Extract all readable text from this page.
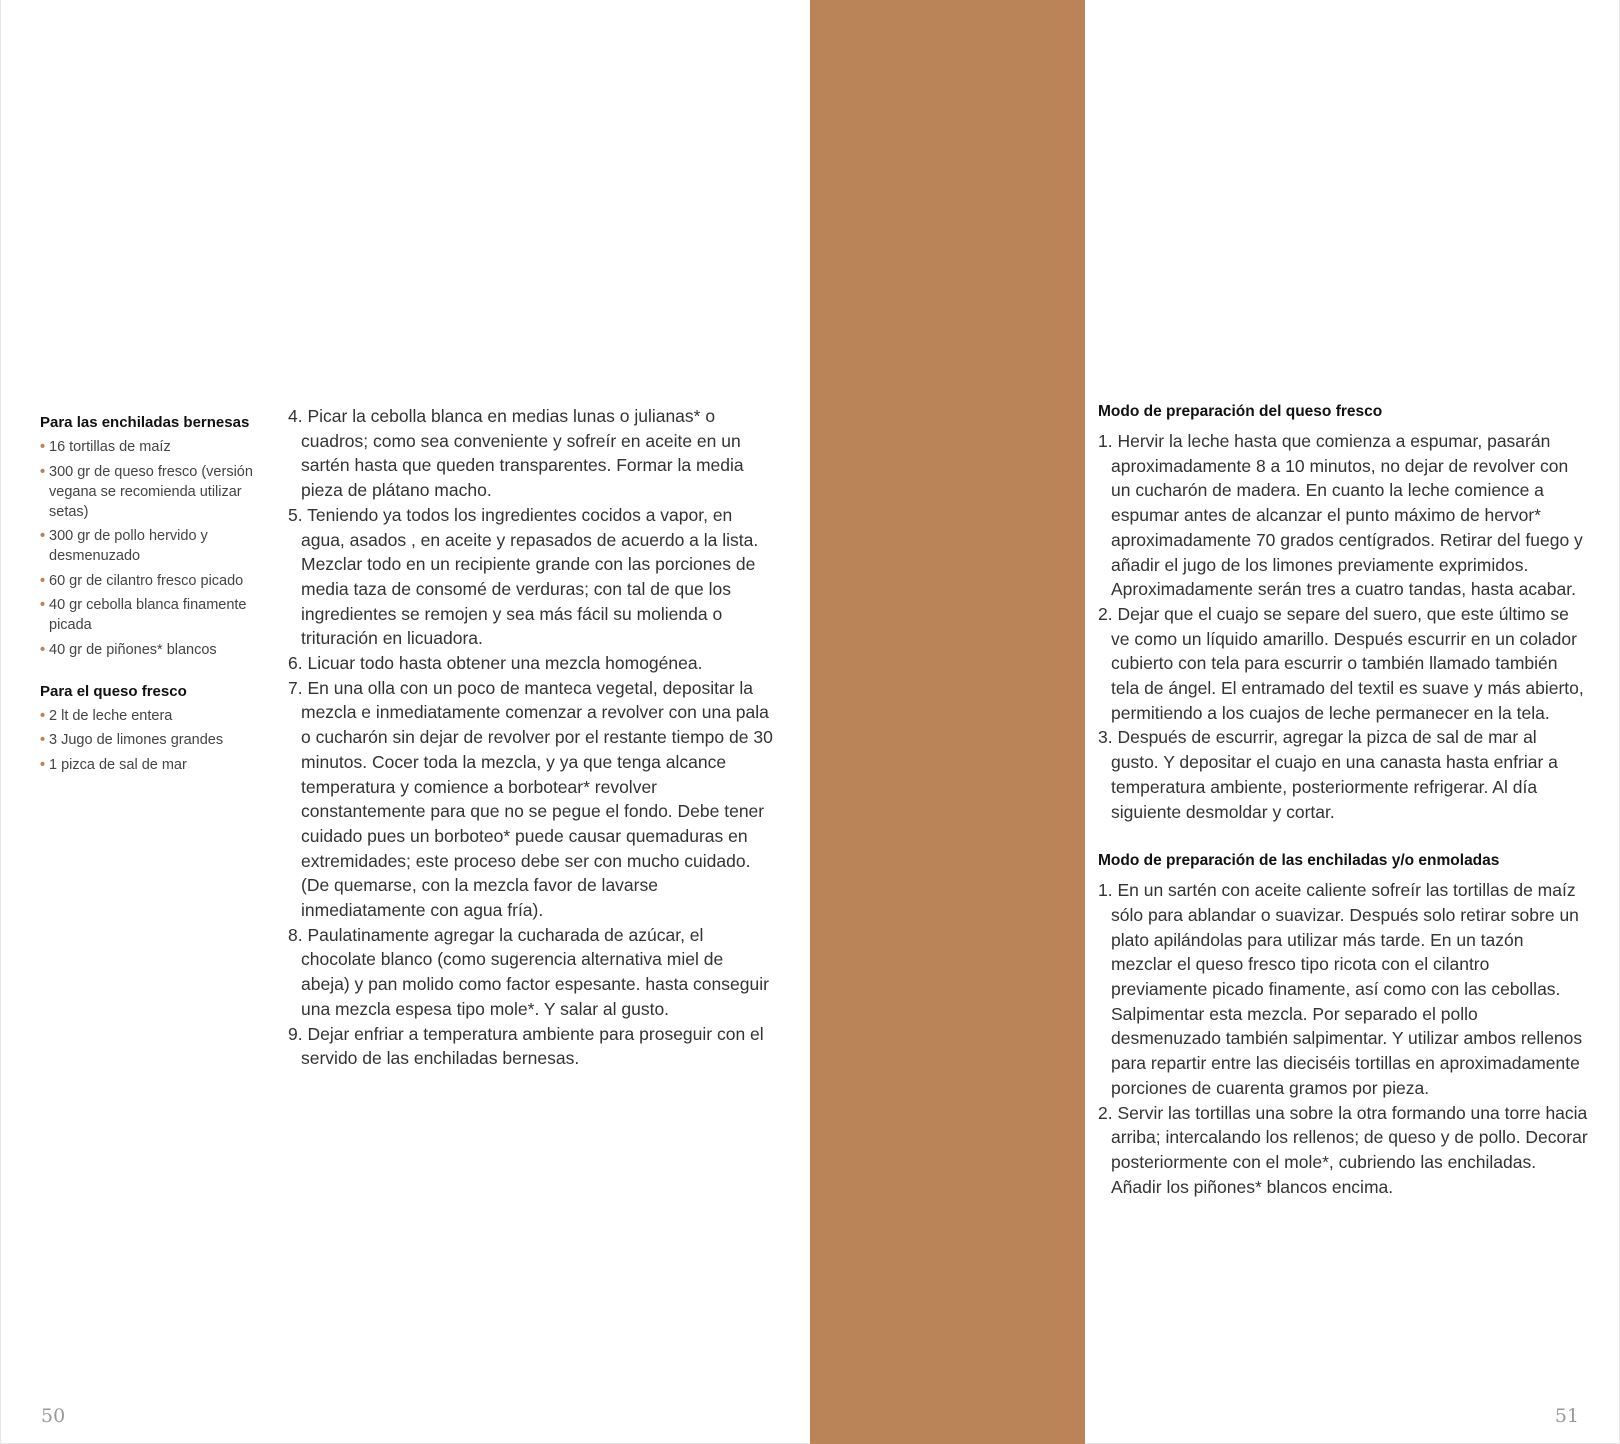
Para las enchiladas bernesas
• 16 tortillas de maíz
• 300 gr de queso fresco (versión vegana se recomienda utilizar setas)
• 300 gr de pollo hervido y desmenuzado
• 60 gr de cilantro fresco picado
• 40 gr cebolla blanca finamente picada
• 40 gr de piñones* blancos
Para el queso fresco
• 2 lt de leche entera
• 3 Jugo de limones grandes
• 1 pizca de sal de mar
4. Picar la cebolla blanca en medias lunas o julianas* o cuadros; como sea conveniente y sofreír en aceite en un sartén hasta que queden transparentes. Formar la media pieza de plátano macho.
5. Teniendo ya todos los ingredientes cocidos a vapor, en agua, asados , en aceite y repasados de acuerdo a la lista. Mezclar todo en un recipiente grande con las porciones de media taza de consomé de verduras; con tal de que los ingredientes se remojen y sea más fácil su molienda o trituración en licuadora.
6. Licuar todo hasta obtener una mezcla homogénea.
7. En una olla con un poco de manteca vegetal, depositar la mezcla e inmediatamente comenzar a revolver con una pala o cucharón sin dejar de revolver por el restante tiempo de 30 minutos. Cocer toda la mezcla, y ya que tenga alcance temperatura y comience a borbotear* revolver constantemente para que no se pegue el fondo. Debe tener cuidado pues un borboteo* puede causar quemaduras en extremidades; este proceso debe ser con mucho cuidado. (De quemarse, con la mezcla favor de lavarse inmediatamente con agua fría).
8. Paulatinamente agregar la cucharada de azúcar, el chocolate blanco (como sugerencia alternativa miel de abeja) y pan molido como factor espesante. hasta conseguir una mezcla espesa tipo mole*. Y salar al gusto.
9. Dejar enfriar a temperatura ambiente para proseguir con el servido de las enchiladas bernesas.
Modo de preparación del queso fresco
1. Hervir la leche hasta que comienza a espumar, pasarán aproximadamente 8 a 10 minutos, no dejar de revolver con un cucharón de madera. En cuanto la leche comience a espumar antes de alcanzar el punto máximo de hervor* aproximadamente 70 grados centígrados. Retirar del fuego y añadir el jugo de los limones previamente exprimidos. Aproximadamente serán tres a cuatro tandas, hasta acabar.
2. Dejar que el cuajo se separe del suero, que este último se ve como un líquido amarillo. Después escurrir en un colador cubierto con tela para escurrir o también llamado también tela de ángel. El entramado del textil es suave y más abierto, permitiendo a los cuajos de leche permanecer en la tela.
3. Después de escurrir, agregar la pizca de sal de mar al gusto. Y depositar el cuajo en una canasta hasta enfriar a temperatura ambiente, posteriormente refrigerar. Al día siguiente desmoldar y cortar.
Modo de preparación de las enchiladas y/o enmoladas
1. En un sartén con aceite caliente sofreír las tortillas de maíz sólo para ablandar o suavizar. Después solo retirar sobre un plato apilándolas para utilizar más tarde. En un tazón mezclar el queso fresco tipo ricota con el cilantro previamente picado finamente, así como con las cebollas. Salpimentar esta mezcla. Por separado el pollo desmenuzado también salpimentar. Y utilizar ambos rellenos para repartir entre las dieciséis tortillas en aproximadamente porciones de cuarenta gramos por pieza.
2. Servir las tortillas una sobre la otra formando una torre hacia arriba; intercalando los rellenos; de queso y de pollo. Decorar posteriormente con el mole*, cubriendo las enchiladas. Añadir los piñones* blancos encima.
50	51
